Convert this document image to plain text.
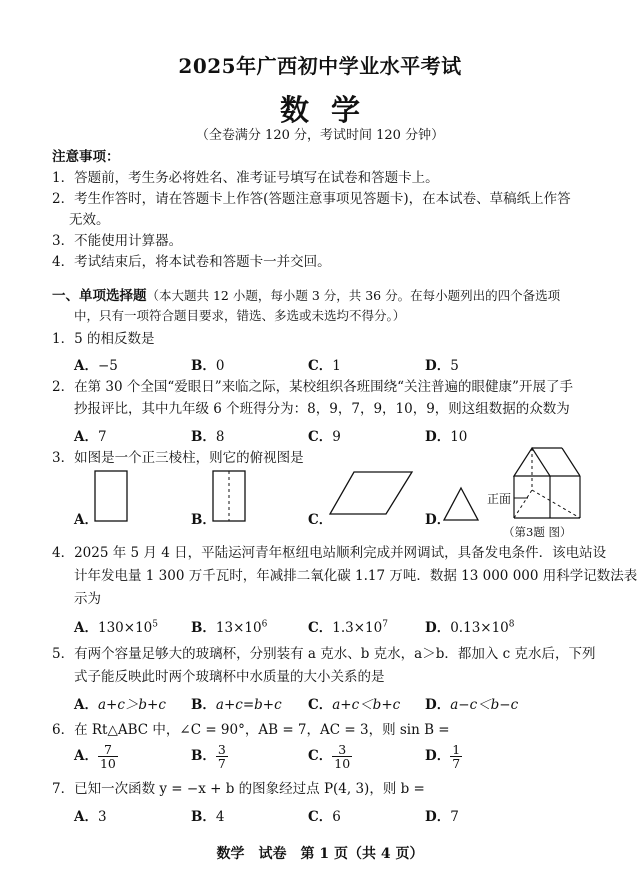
2025年广西初中学业水平考试
数学
（全卷满分 120 分，考试时间 120 分钟）
注意事项：
1．答题前，考生务必将姓名、准考证号填写在试卷和答题卡上。
2．考生作答时，请在答题卡上作答(答题注意事项见答题卡)，在本试卷、草稿纸上作答
无效。
3．不能使用计算器。
4．考试结束后，将本试卷和答题卡一并交回。
一、单项选择题（本大题共 12 小题，每小题 3 分，共 36 分。在每小题列出的四个备选项
中，只有一项符合题目要求，错选、多选或未选均不得分。）
1．5 的相反数是
A．−5	B．0	C．1	D．5
2．在第 30 个全国“爱眼日”来临之际，某校组织各班围绕“关注普遍的眼健康”开展了手
抄报评比，其中九年级 6 个班得分为：8，9，7，9，10，9，则这组数据的众数为
A．7	B．8	C．9	D．10
3．如图是一个正三棱柱，则它的俯视图是
A．	B．	C．	D．
正面
（第3题 图）
4．2025 年 5 月 4 日，平陆运河青年枢纽电站顺利完成并网调试，具备发电条件．该电站设
计年发电量 1 300 万千瓦时，年减排二氧化碳 1.17 万吨．数据 13 000 000 用科学记数法表
示为
A．$130\times 10^5$ B．$13\times 10^6$	C．$1.3\times 10^7$	D．$0.13\times 10^8$
5．有两个容量足够大的玻璃杯，分别装有 a 克水、b 克水，a＞b．都加入 c 克水后，下列
式子能反映此时两个玻璃杯中水质量的大小关系的是
A．a+c＞b+c B．a+c=b+c C．a+c＜b+c D．a−c＜b−c
6．在 Rt△ABC 中，∠C = 90°，AB = 7，AC = 3，则 sin B =
A． $\frac{7}{10}$	B． $\frac{3}{7}$	C． $\frac{3}{10}$	D． $\frac{1}{7}$
7．已知一次函数 y = −x + b 的图象经过点 P(4, 3)，则 b =
A．3	B．4	C．6	D．7
数学　试卷　第 1 页（共 4 页）
